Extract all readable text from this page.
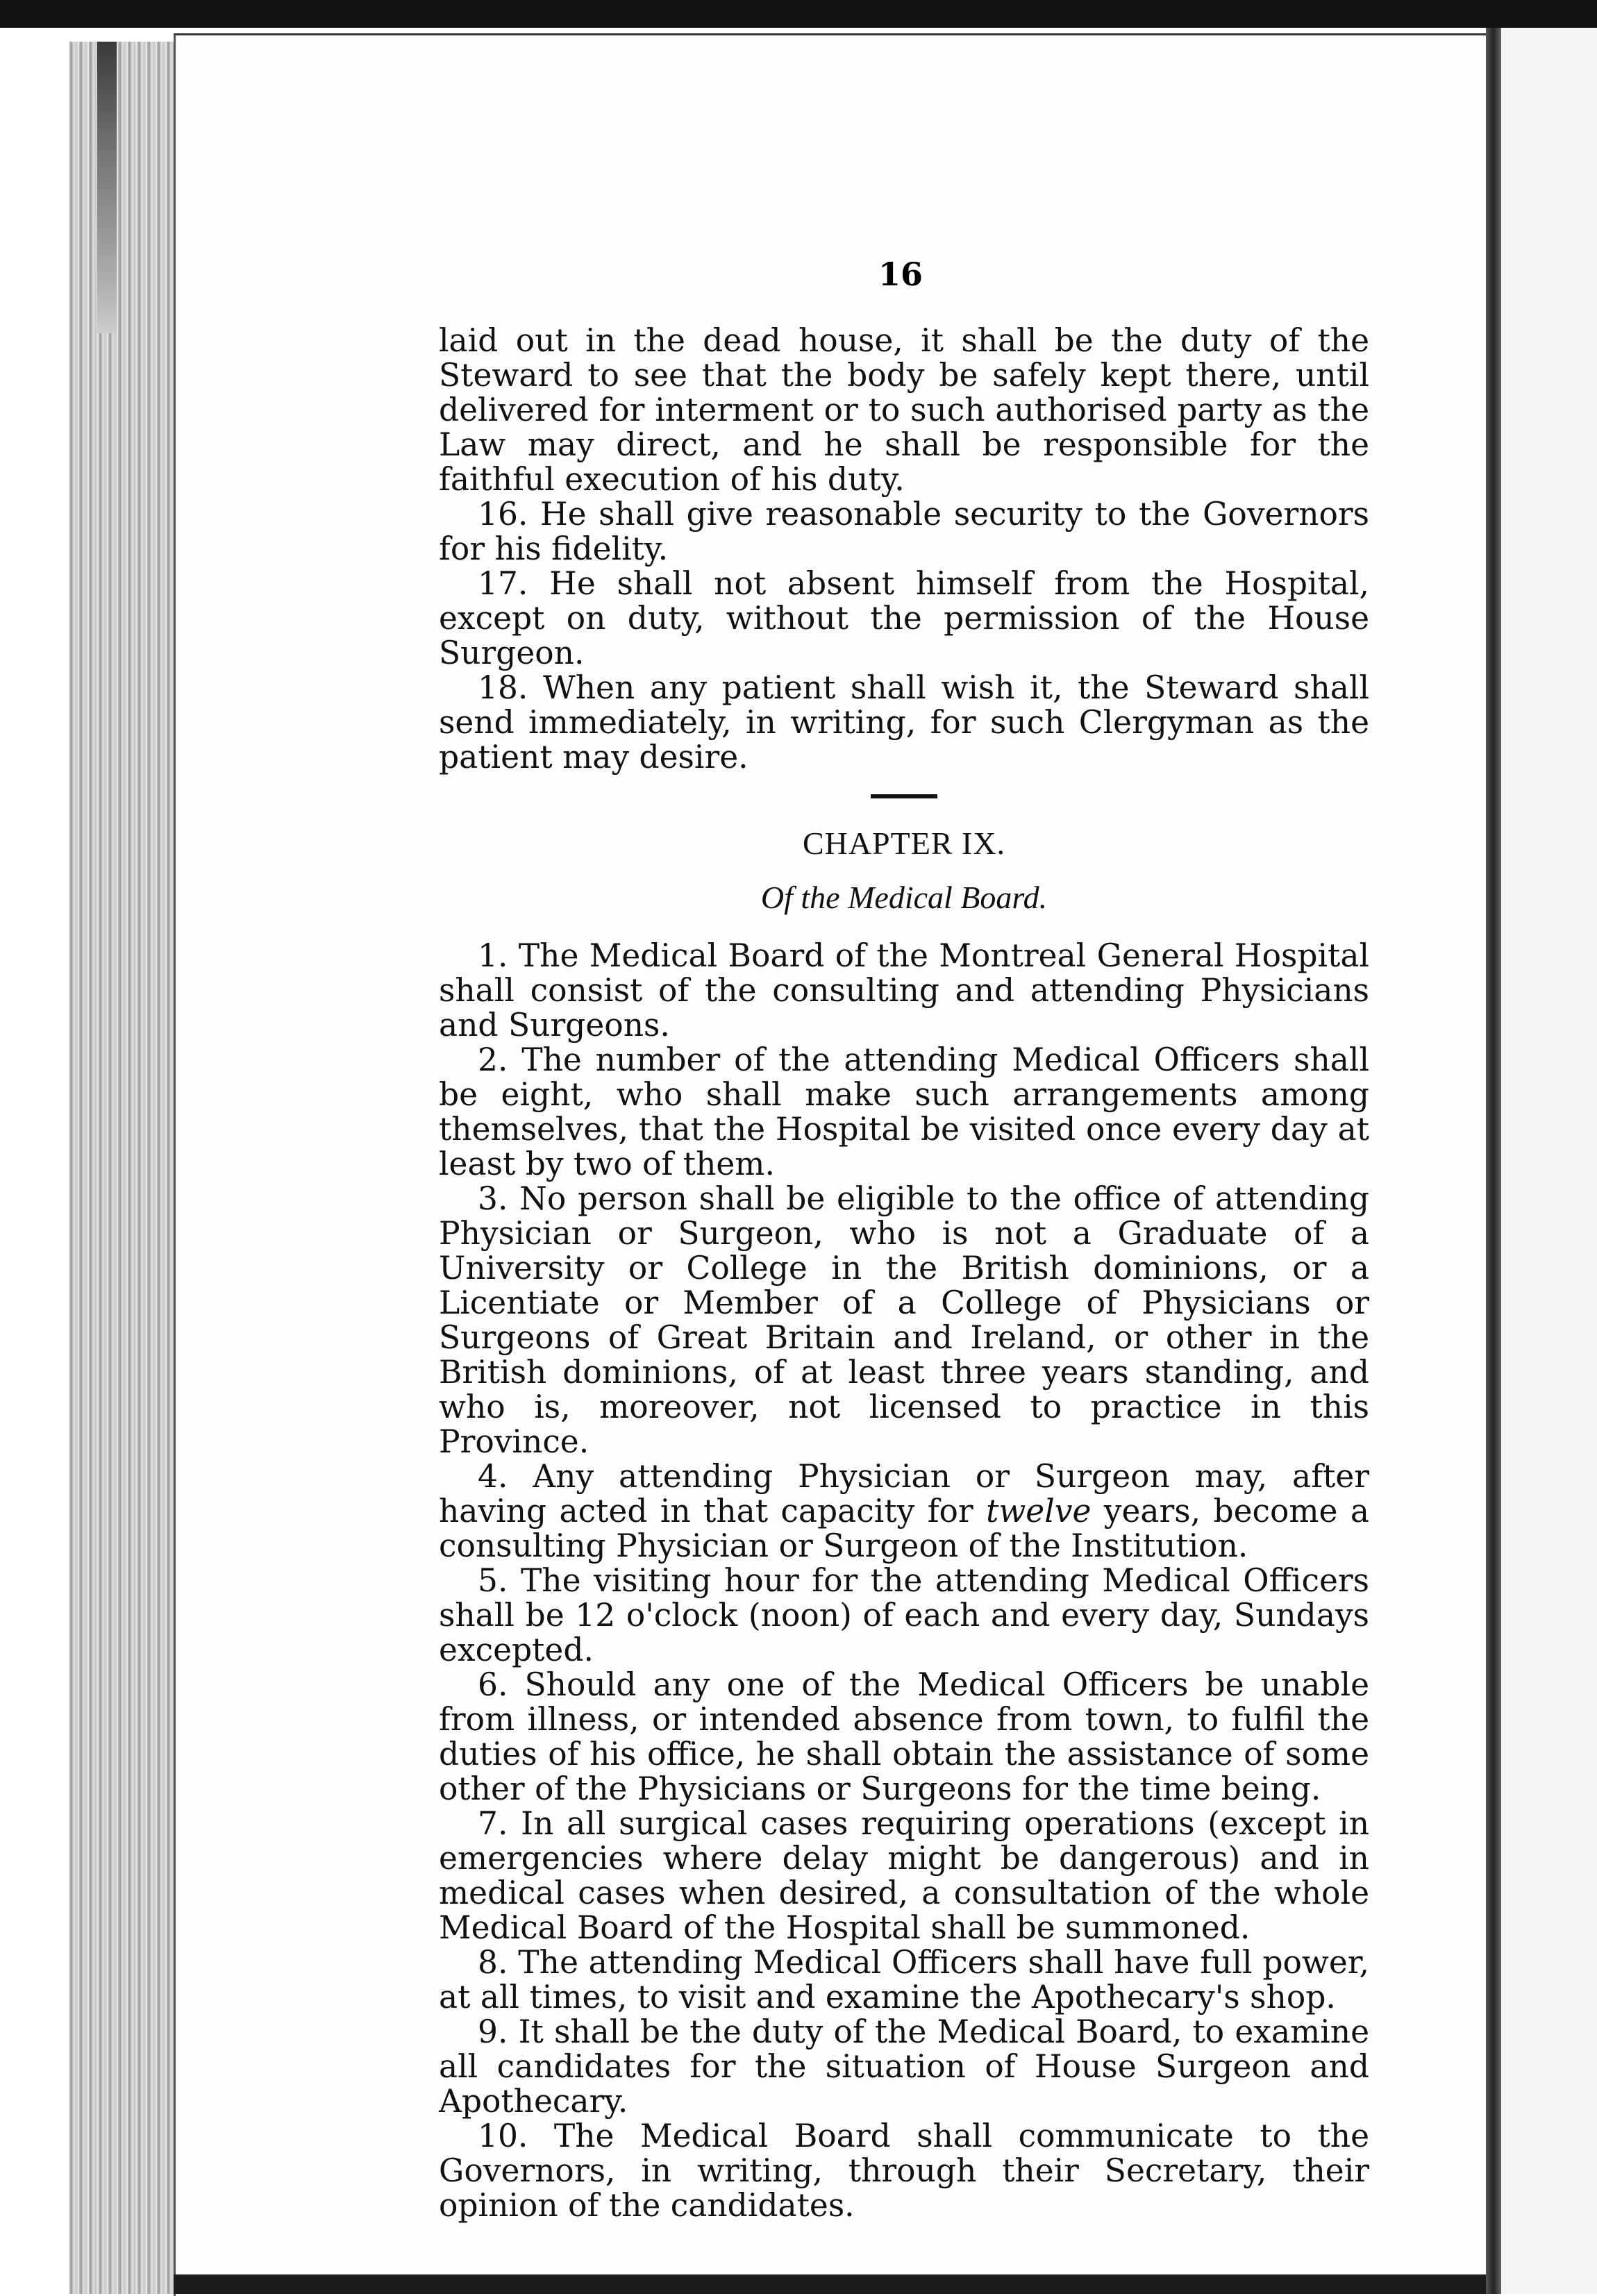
16

laid out in the dead house, it shall be the duty of the Steward to see that the body be safely kept there, until delivered for interment or to such authorised party as the Law may direct, and he shall be responsible for the faithful execution of his duty.

16. He shall give reasonable security to the Governors for his fidelity.

17. He shall not absent himself from the Hospital, except on duty, without the permission of the House Surgeon.

18. When any patient shall wish it, the Steward shall send immediately, in writing, for such Clergyman as the patient may desire.

CHAPTER IX.

Of the Medical Board.

1. The Medical Board of the Montreal General Hospital shall consist of the consulting and attending Physicians and Surgeons.

2. The number of the attending Medical Officers shall be eight, who shall make such arrangements among themselves, that the Hospital be visited once every day at least by two of them.

3. No person shall be eligible to the office of attending Physician or Surgeon, who is not a Graduate of a University or College in the British dominions, or a Licentiate or Member of a College of Physicians or Surgeons of Great Britain and Ireland, or other in the British dominions, of at least three years standing, and who is, moreover, not licensed to practice in this Province.

4. Any attending Physician or Surgeon may, after having acted in that capacity for twelve years, become a consulting Physician or Surgeon of the Institution.

5. The visiting hour for the attending Medical Officers shall be 12 o'clock (noon) of each and every day, Sundays excepted.

6. Should any one of the Medical Officers be unable from illness, or intended absence from town, to fulfil the duties of his office, he shall obtain the assistance of some other of the Physicians or Surgeons for the time being.

7. In all surgical cases requiring operations (except in emergencies where delay might be dangerous) and in medical cases when desired, a consultation of the whole Medical Board of the Hospital shall be summoned.

8. The attending Medical Officers shall have full power, at all times, to visit and examine the Apothecary's shop.

9. It shall be the duty of the Medical Board, to examine all candidates for the situation of House Surgeon and Apothecary.

10. The Medical Board shall communicate to the Governors, in writing, through their Secretary, their opinion of the candidates.
